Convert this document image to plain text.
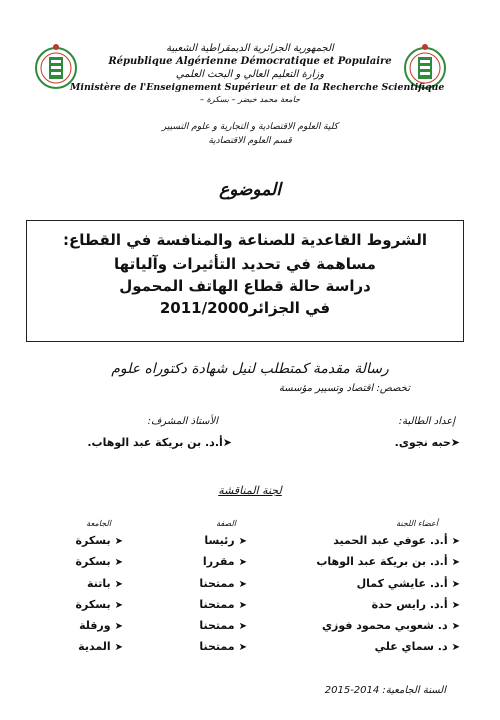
الجمهورية الجزائرية الديمقراطية الشعبية
République Algérienne Démocratique et Populaire
وزارة التعليم العالي و البحث العلمي
Ministère de l'Enseignement Supérieur et de la Recherche Scientifique
جامعة محمد خيضر – بسكرة –
كلية العلوم الاقتصادية و التجارية و علوم التسيير
قسم العلوم الاقتصادية
الموضوع
الشروط القاعدية للصناعة والمنافسة في القطاع:
مساهمة في تحديد التأثيرات وآلياتها
دراسة حالة قطاع الهاتف المحمول
في الجزائر2011/2000
رسالة مقدمة كمتطلب لنيل شهادة دكتوراه علوم
تخصص: اقتصاد وتسيير مؤسسة
إعداد الطالبة:
الأستاذ المشرف:
➤حبه نجوى.
➤أ.د. بن بريكة عبد الوهاب.
لجنة المناقشة
أعضاء اللجنة
الصفة
الجامعة
➤أ.د. عوفي عبد الحميد
➤رئيسا
➤بسكرة
➤أ.د. بن بريكة عبد الوهاب
➤مقررا
➤بسكرة
➤أ.د. عايشي كمال
➤ممتحنا
➤باتنة
➤أ.د. رايس حدة
➤ممتحنا
➤بسكرة
➤د. شعوبي محمود فوزي
➤ممتحنا
➤ورقلة
➤د. سماي علي
➤ممتحنا
➤المدية
السنة الجامعية: 2014-2015
